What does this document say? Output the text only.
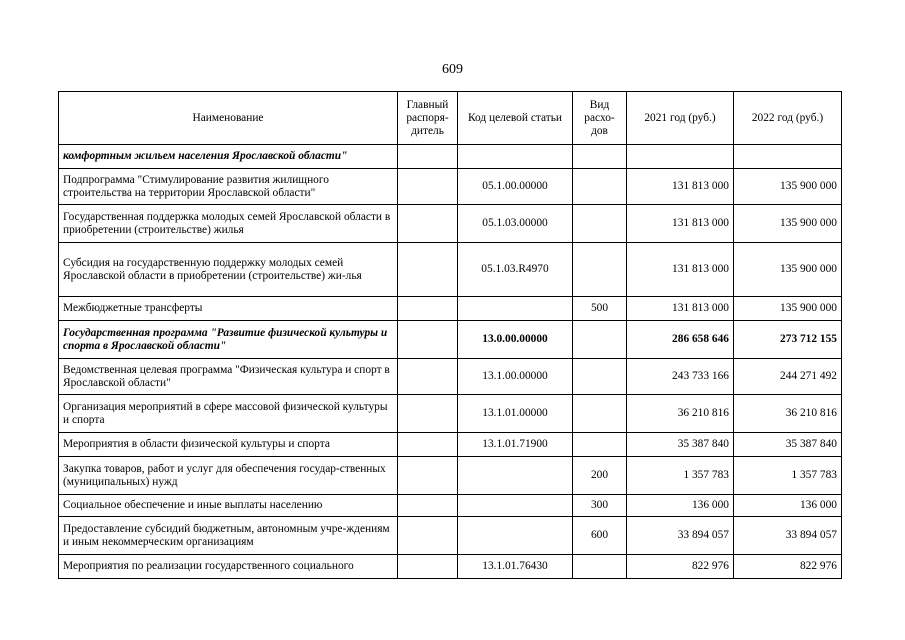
609
Наименование	Главный распоря- дитель	Код целевой статьи	Вид расхо- дов	2021 год (руб.)	2022 год (руб.)
комфортным жильем населения Ярославской области"					
Подпрограмма "Стимулирование развития жилищного строительства на территории Ярославской области"		05.1.00.00000		131 813 000	135 900 000
Государственная поддержка молодых семей Ярославской области в приобретении (строительстве) жилья		05.1.03.00000		131 813 000	135 900 000
Субсидия на государственную поддержку молодых семей Ярославской области в приобретении (строительстве) жи-лья		05.1.03.R4970		131 813 000	135 900 000
Межбюджетные трансферты			500	131 813 000	135 900 000
Государственная программа "Развитие физической культуры и спорта в Ярославской области"		13.0.00.00000		286 658 646	273 712 155
Ведомственная целевая программа "Физическая культура и спорт в Ярославской области"		13.1.00.00000		243 733 166	244 271 492
Организация мероприятий в сфере массовой физической культуры и спорта		13.1.01.00000		36 210 816	36 210 816
Мероприятия в области физической культуры и спорта		13.1.01.71900		35 387 840	35 387 840
Закупка товаров, работ и услуг для обеспечения государ-ственных (муниципальных) нужд			200	1 357 783	1 357 783
Социальное обеспечение и иные выплаты населению			300	136 000	136 000
Предоставление субсидий бюджетным, автономным учре-ждениям и иным некоммерческим организациям			600	33 894 057	33 894 057
Мероприятия по реализации государственного социального		13.1.01.76430		822 976	822 976
